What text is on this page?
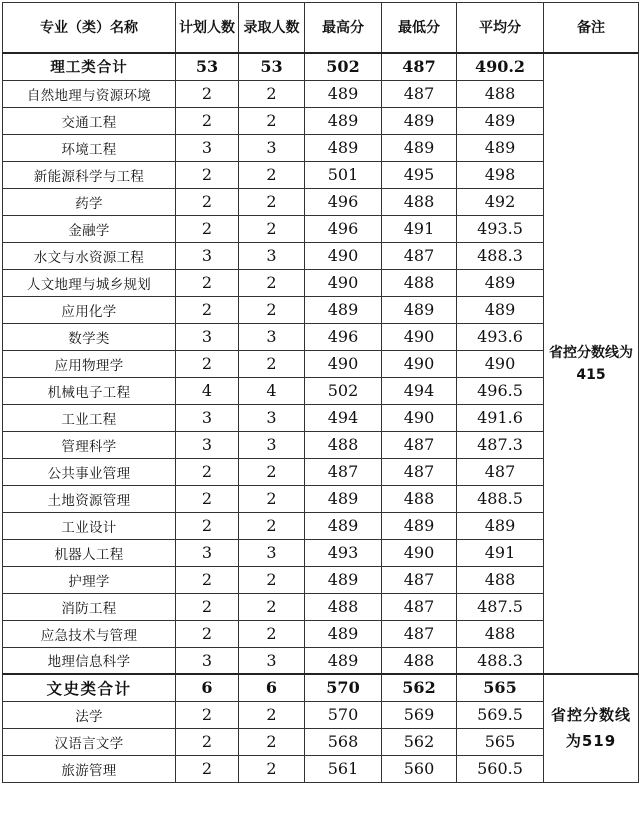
专业（类）名称	计划人数	录取人数	最高分	最低分	平均分	备注
理工类合计	53	53	502	487	490.2	省控分数线为415
自然地理与资源环境	2	2	489	487	488	
交通工程	2	2	489	489	489	
环境工程	3	3	489	489	489	
新能源科学与工程	2	2	501	495	498	
药学	2	2	496	488	492	
金融学	2	2	496	491	493.5	
水文与水资源工程	3	3	490	487	488.3	
人文地理与城乡规划	2	2	490	488	489	
应用化学	2	2	489	489	489	
数学类	3	3	496	490	493.6	
应用物理学	2	2	490	490	490	
机械电子工程	4	4	502	494	496.5	
工业工程	3	3	494	490	491.6	
管理科学	3	3	488	487	487.3	
公共事业管理	2	2	487	487	487	
土地资源管理	2	2	489	488	488.5	
工业设计	2	2	489	489	489	
机器人工程	3	3	493	490	491	
护理学	2	2	489	487	488	
消防工程	2	2	488	487	487.5	
应急技术与管理	2	2	489	487	488	
地理信息科学	3	3	489	488	488.3	
文史类合计	6	6	570	562	565	省控分数线为519
法学	2	2	570	569	569.5	
汉语言文学	2	2	568	562	565	
旅游管理	2	2	561	560	560.5	
